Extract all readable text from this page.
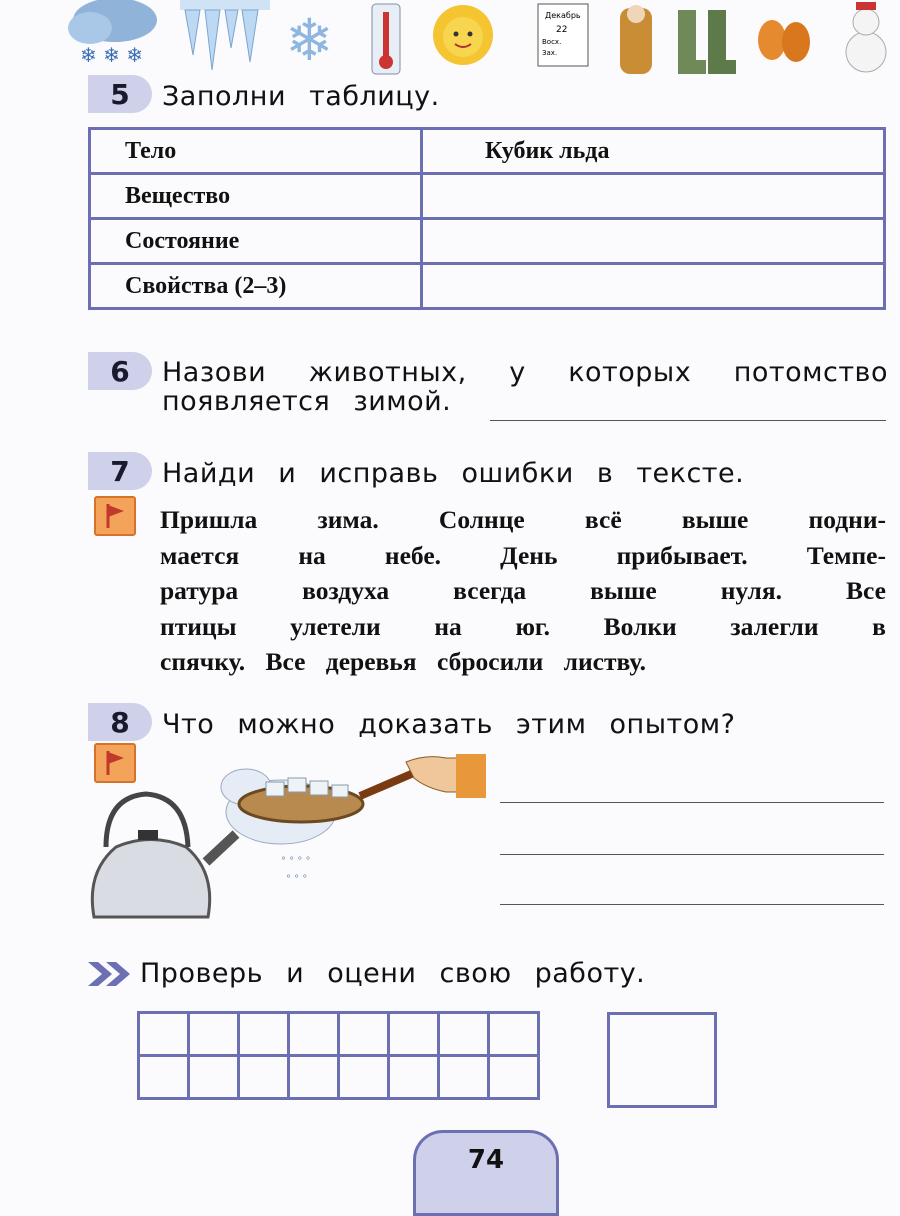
❄ ❄ ❄ ❄	Декабрь
22
Восх.
Зах.
5 Заполни таблицу.
Тело	Кубик льда
Вещество	
Состояние	
Свойства (2–3)	
6 Назови животных, у которых потомство
появляется зимой.
7 Найди и исправь ошибки в тексте.
Пришла зима. Солнце всё выше подни-
мается на небе. День прибывает. Темпе-
ратура	воздуха	всегда	выше	нуля.	Все
птицы улетели на юг. Волки залегли в
спячку. Все деревья сбросили листву.
8 Что можно доказать этим опытом?
° ° ° °
° ° °
Проверь и оцени свою работу.

74
